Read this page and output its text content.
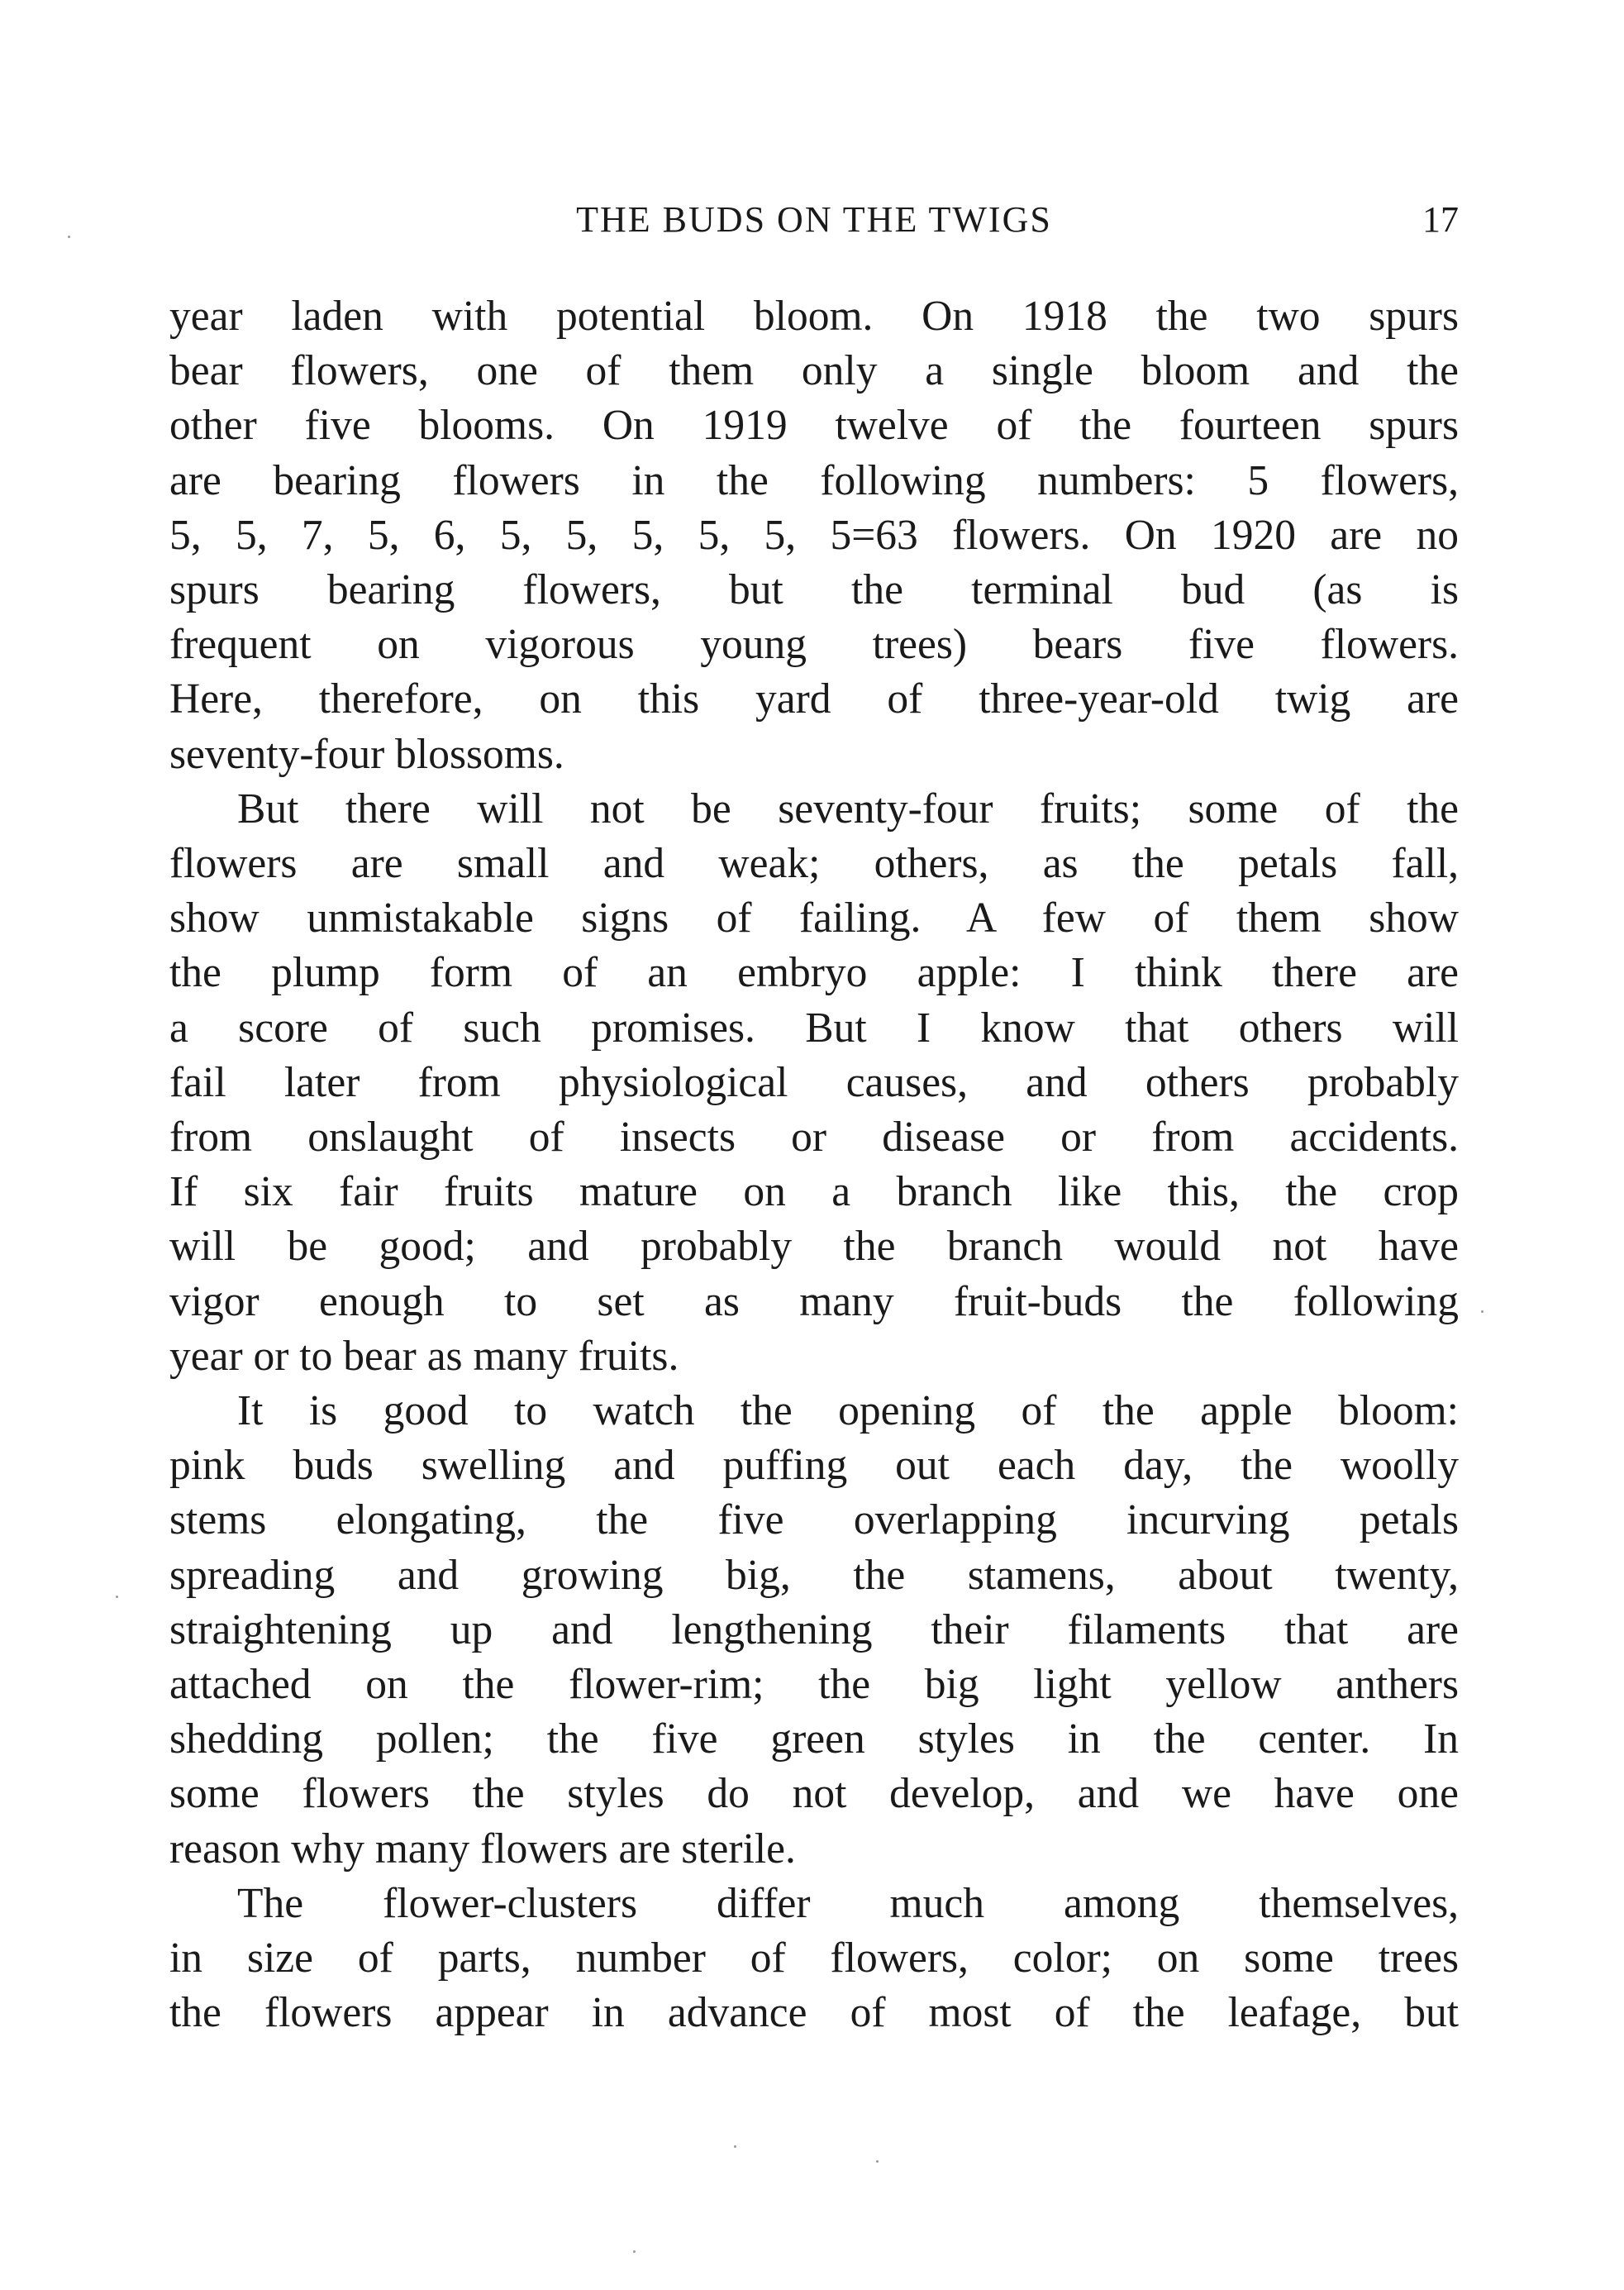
THE BUDS ON THE TWIGS	17
year laden with potential bloom. On 1918 the two spurs
bear flowers, one of them only a single bloom and the
other five blooms. On 1919 twelve of the fourteen spurs
are bearing flowers in the following numbers: 5 flowers,
5, 5, 7, 5, 6, 5, 5, 5, 5, 5, 5=63 flowers. On 1920 are no
spurs bearing flowers, but the terminal bud (as is
frequent on vigorous young trees) bears five flowers.
Here, therefore, on this yard of three-year-old twig are
seventy-four blossoms.
But there will not be seventy-four fruits; some of the
flowers are small and weak; others, as the petals fall,
show unmistakable signs of failing. A few of them show
the plump form of an embryo apple: I think there are
a score of such promises. But I know that others will
fail later from physiological causes, and others probably
from onslaught of insects or disease or from accidents.
If six fair fruits mature on a branch like this, the crop
will be good; and probably the branch would not have
vigor enough to set as many fruit-buds the following
year or to bear as many fruits.
It is good to watch the opening of the apple bloom:
pink buds swelling and puffing out each day, the woolly
stems elongating, the five overlapping incurving petals
spreading and growing big, the stamens, about twenty,
straightening up and lengthening their filaments that are
attached on the flower-rim; the big light yellow anthers
shedding pollen; the five green styles in the center. In
some flowers the styles do not develop, and we have one
reason why many flowers are sterile.
The flower-clusters differ much among themselves,
in size of parts, number of flowers, color; on some trees
the flowers appear in advance of most of the leafage, but
